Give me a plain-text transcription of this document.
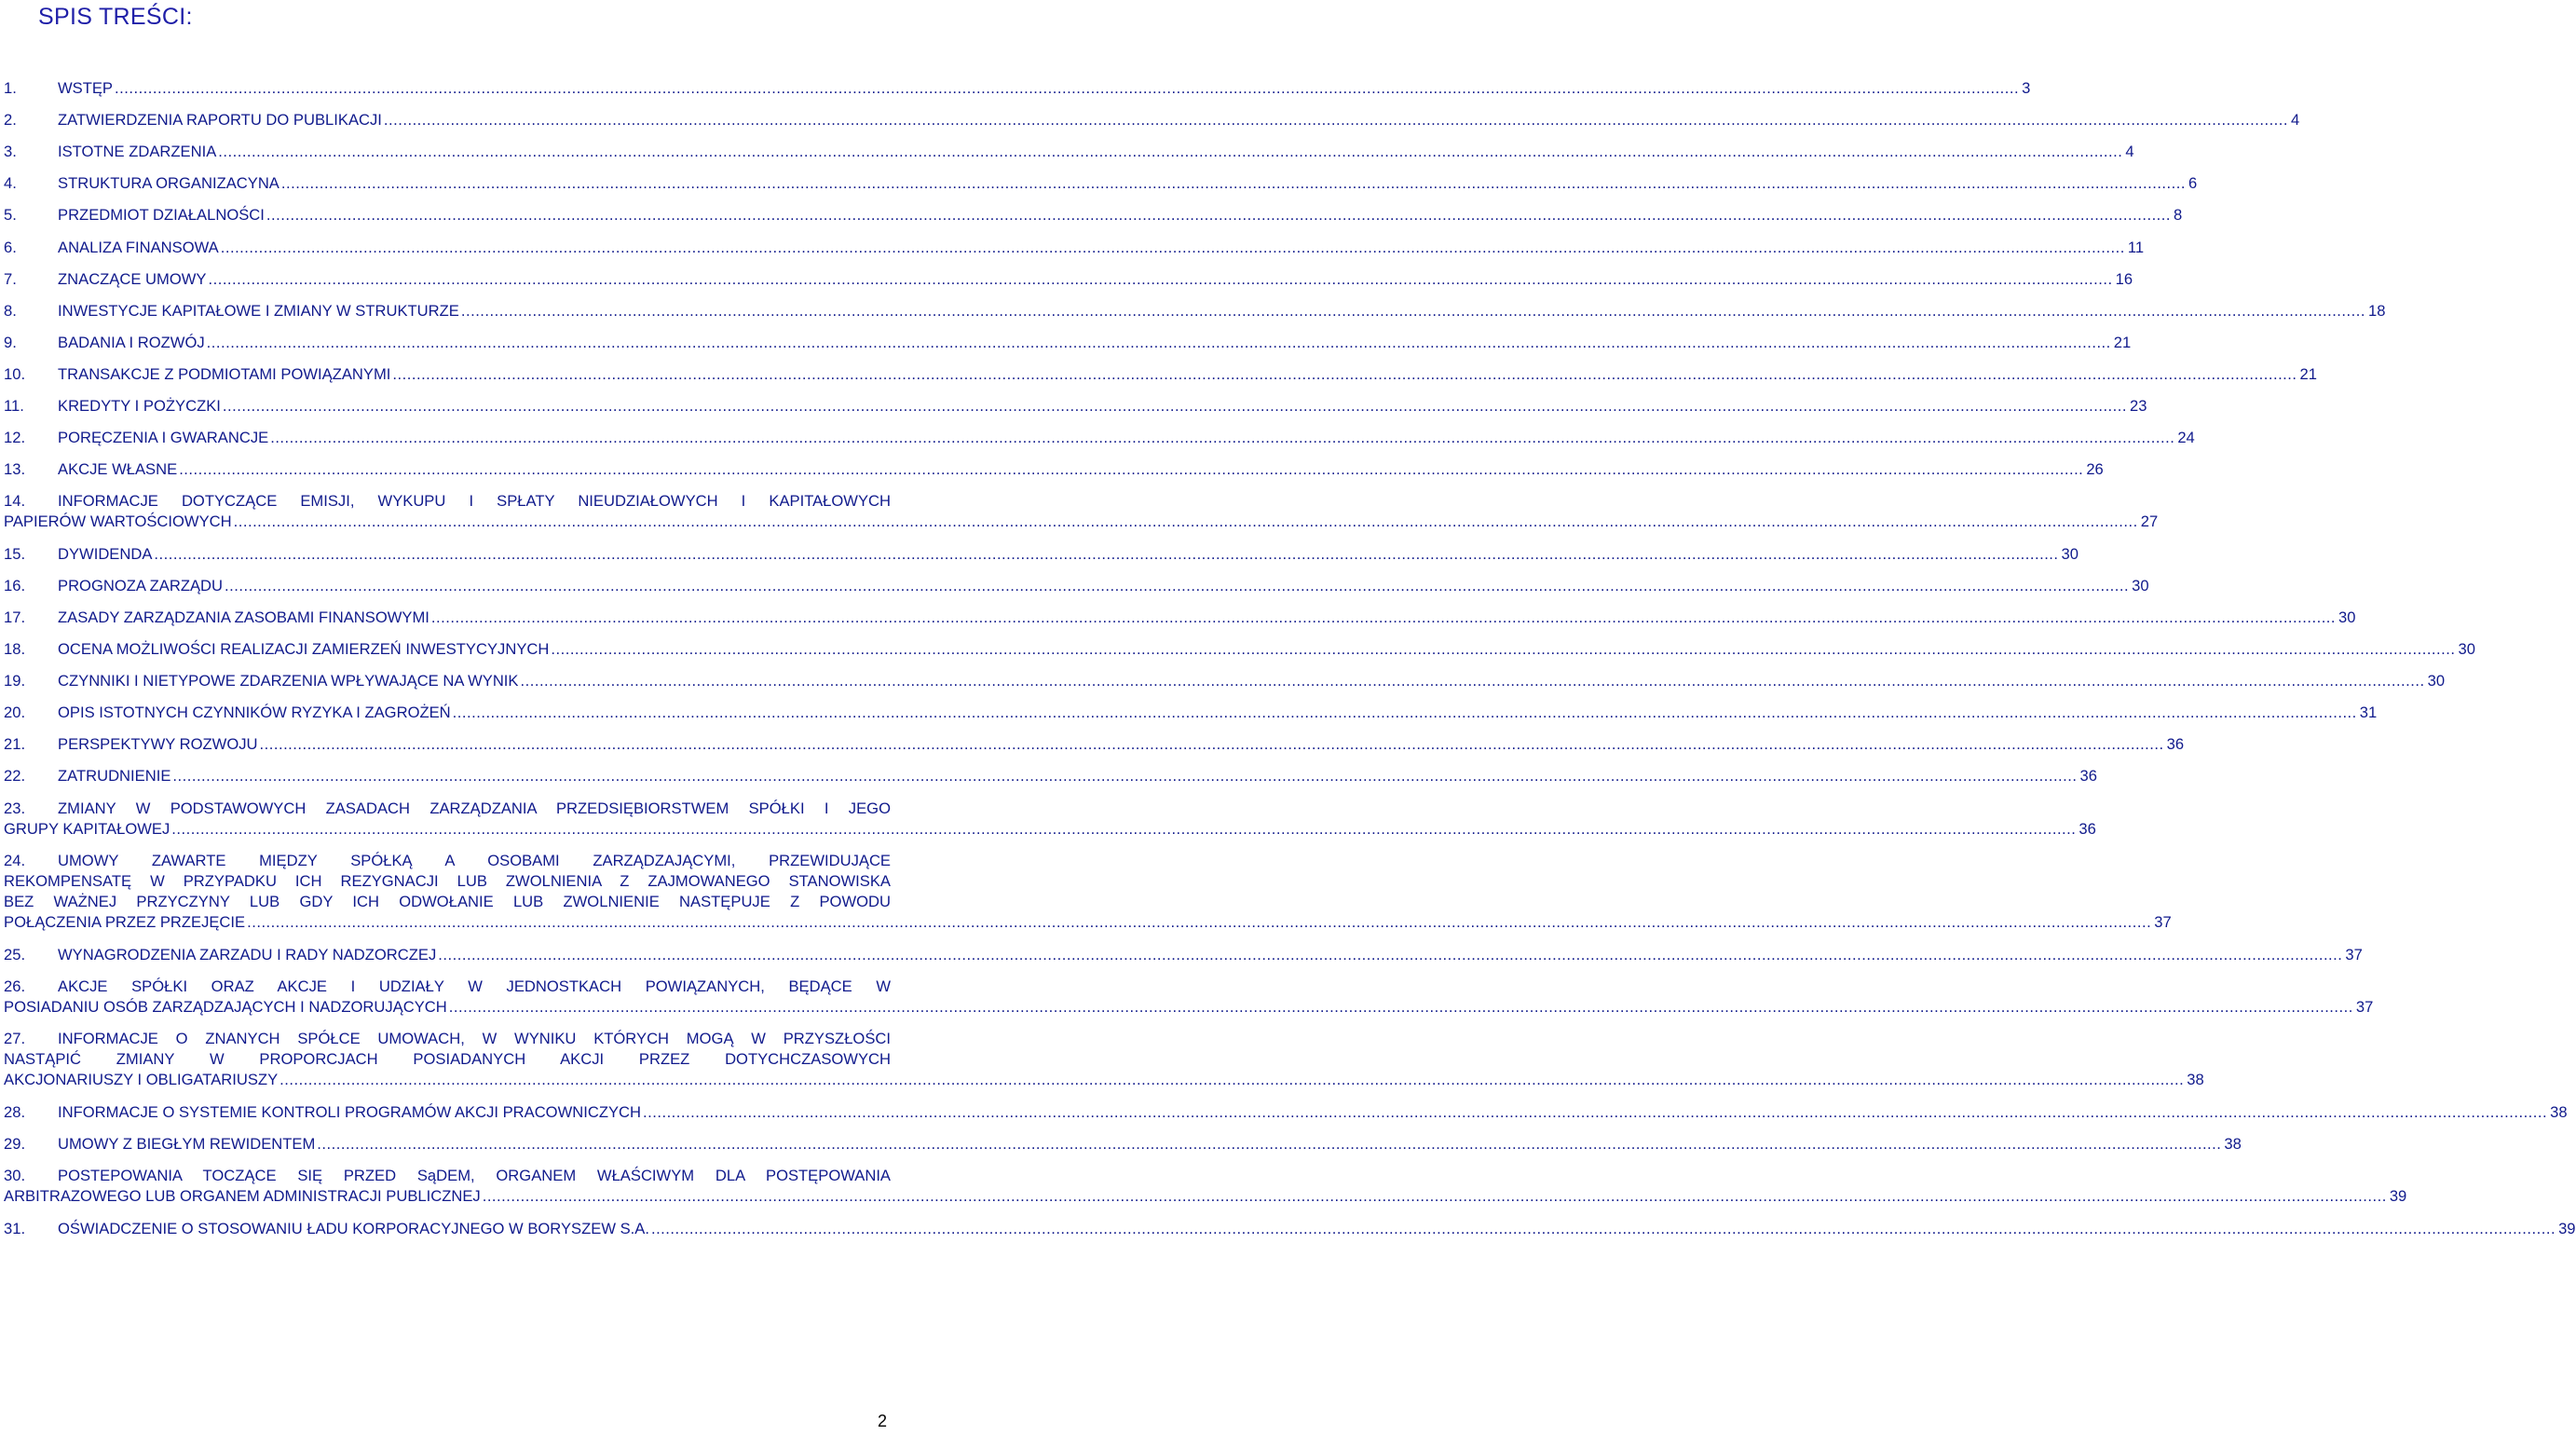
SPIS TREŚCI:
1.	WSTĘP ................................................................................................................................................................................................................................................................................................................................................................................................................ 3
2.	ZATWIERDZENIA RAPORTU DO PUBLIKACJI ................................................................................................................................................................................................................................................................................................................................................................................................................ 4
3.	ISTOTNE ZDARZENIA ................................................................................................................................................................................................................................................................................................................................................................................................................ 4
4.	STRUKTURA ORGANIZACYNA ................................................................................................................................................................................................................................................................................................................................................................................................................ 6
5.	PRZEDMIOT DZIAŁALNOŚCI ................................................................................................................................................................................................................................................................................................................................................................................................................ 8
6.	ANALIZA FINANSOWA ................................................................................................................................................................................................................................................................................................................................................................................................................ 11
7.	ZNACZĄCE UMOWY ................................................................................................................................................................................................................................................................................................................................................................................................................ 16
8.	INWESTYCJE KAPITAŁOWE I ZMIANY W STRUKTURZE ................................................................................................................................................................................................................................................................................................................................................................................................................ 18
9.	BADANIA I ROZWÓJ ................................................................................................................................................................................................................................................................................................................................................................................................................ 21
10. TRANSAKCJE Z PODMIOTAMI POWIĄZANYMI ................................................................................................................................................................................................................................................................................................................................................................................................................ 21
11. KREDYTY I POŻYCZKI ................................................................................................................................................................................................................................................................................................................................................................................................................ 23
12. PORĘCZENIA I GWARANCJE ................................................................................................................................................................................................................................................................................................................................................................................................................ 24
13. AKCJE WŁASNE ................................................................................................................................................................................................................................................................................................................................................................................................................ 26
14.	INFORMACJE DOTYCZĄCE EMISJI, WYKUPU I SPŁATY NIEUDZIAŁOWYCH I KAPITAŁOWYCH
PAPIERÓW WARTOŚCIOWYCH ................................................................................................................................................................................................................................................................................................................................................................................................................ 27
15. DYWIDENDA ................................................................................................................................................................................................................................................................................................................................................................................................................ 30
16. PROGNOZA ZARZĄDU ................................................................................................................................................................................................................................................................................................................................................................................................................ 30
17. ZASADY ZARZĄDZANIA ZASOBAMI FINANSOWYMI ................................................................................................................................................................................................................................................................................................................................................................................................................ 30
18. OCENA MOŻLIWOŚCI REALIZACJI ZAMIERZEŃ INWESTYCYJNYCH ................................................................................................................................................................................................................................................................................................................................................................................................................ 30
19. CZYNNIKI I NIETYPOWE ZDARZENIA WPŁYWAJĄCE NA WYNIK ................................................................................................................................................................................................................................................................................................................................................................................................................ 30
20. OPIS ISTOTNYCH CZYNNIKÓW RYZYKA I ZAGROŻEŃ ................................................................................................................................................................................................................................................................................................................................................................................................................ 31
21. PERSPEKTYWY ROZWOJU ................................................................................................................................................................................................................................................................................................................................................................................................................ 36
22. ZATRUDNIENIE ................................................................................................................................................................................................................................................................................................................................................................................................................ 36
23.	ZMIANY W PODSTAWOWYCH ZASADACH ZARZĄDZANIA PRZEDSIĘBIORSTWEM SPÓŁKI I JEGO
GRUPY KAPITAŁOWEJ ................................................................................................................................................................................................................................................................................................................................................................................................................ 36
24.	UMOWY ZAWARTE MIĘDZY SPÓŁKĄ A OSOBAMI ZARZĄDZAJĄCYMI, PRZEWIDUJĄCE
REKOMPENSATĘ W PRZYPADKU ICH REZYGNACJI LUB ZWOLNIENIA Z ZAJMOWANEGO STANOWISKA
BEZ WAŻNEJ PRZYCZYNY LUB GDY ICH ODWOŁANIE LUB ZWOLNIENIE NASTĘPUJE Z POWODU
POŁĄCZENIA PRZEZ PRZEJĘCIE ................................................................................................................................................................................................................................................................................................................................................................................................................ 37
25. WYNAGRODZENIA ZARZADU I RADY NADZORCZEJ ................................................................................................................................................................................................................................................................................................................................................................................................................ 37
26.	AKCJE SPÓŁKI ORAZ AKCJE I UDZIAŁY W JEDNOSTKACH POWIĄZANYCH, BĘDĄCE W
POSIADANIU OSÓB ZARZĄDZAJĄCYCH I NADZORUJĄCYCH ................................................................................................................................................................................................................................................................................................................................................................................................................ 37
27.	INFORMACJE O ZNANYCH SPÓŁCE UMOWACH, W WYNIKU KTÓRYCH MOGĄ W PRZYSZŁOŚCI
NASTĄPIĆ ZMIANY W PROPORCJACH POSIADANYCH AKCJI PRZEZ DOTYCHCZASOWYCH
AKCJONARIUSZY I OBLIGATARIUSZY ................................................................................................................................................................................................................................................................................................................................................................................................................ 38
28. INFORMACJE O SYSTEMIE KONTROLI PROGRAMÓW AKCJI PRACOWNICZYCH ................................................................................................................................................................................................................................................................................................................................................................................................................ 38
29. UMOWY Z BIEGŁYM REWIDENTEM ................................................................................................................................................................................................................................................................................................................................................................................................................ 38
30.	POSTEPOWANIA TOCZĄCE SIĘ PRZED SąDEM, ORGANEM WŁAŚCIWYM DLA POSTĘPOWANIA
ARBITRAZOWEGO LUB ORGANEM ADMINISTRACJI PUBLICZNEJ ................................................................................................................................................................................................................................................................................................................................................................................................................ 39
31. OŚWIADCZENIE O STOSOWANIU ŁADU KORPORACYJNEGO W BORYSZEW S.A. ................................................................................................................................................................................................................................................................................................................................................................................................................ 39
2
